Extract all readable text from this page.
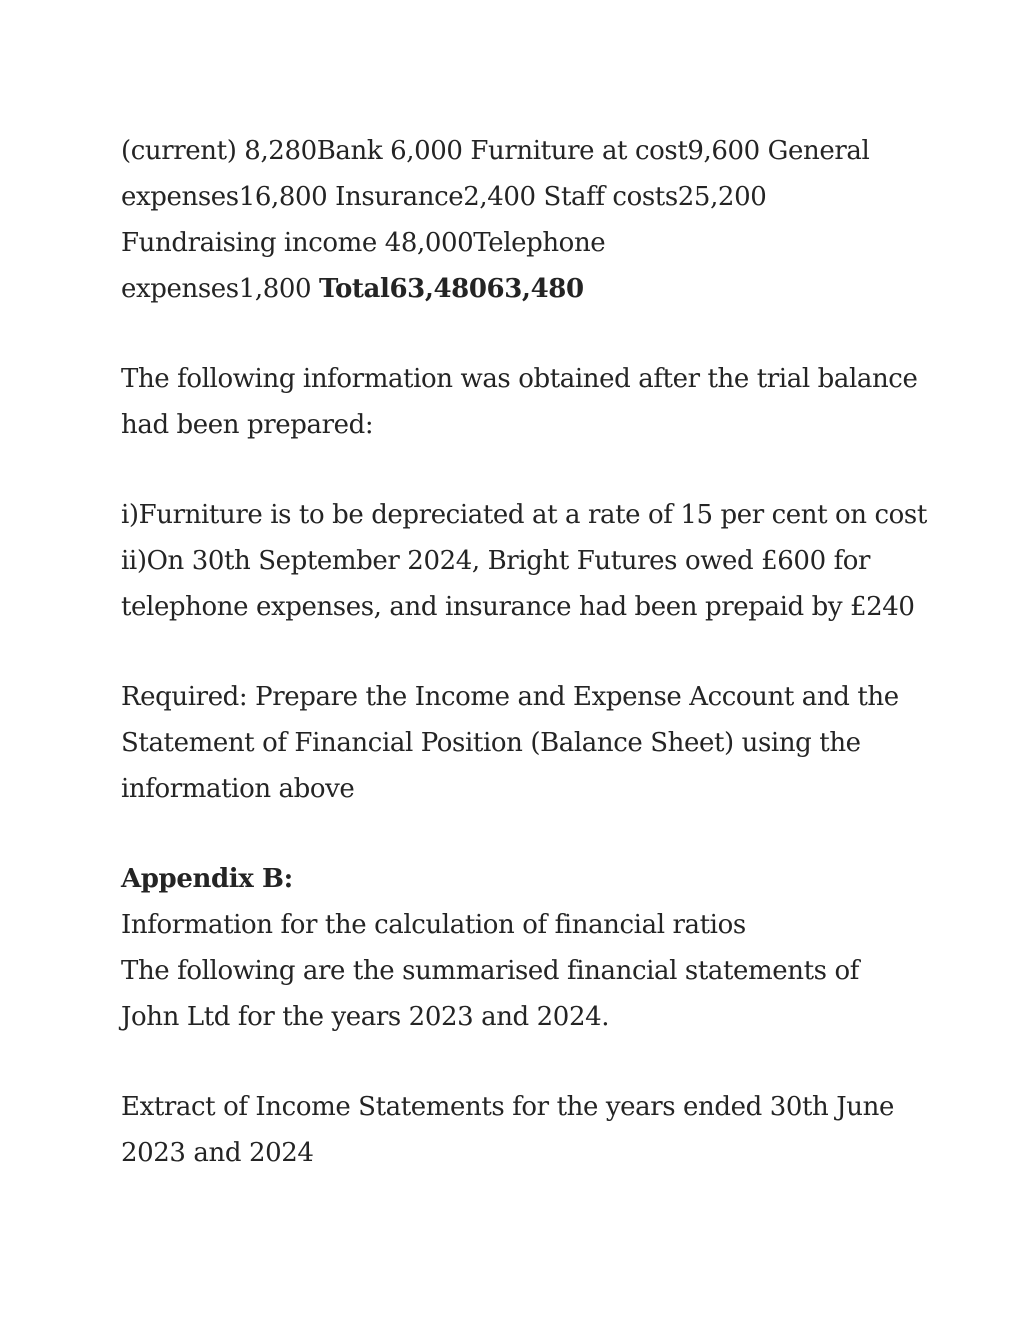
(current) 8,280Bank 6,000 Furniture at cost9,600 General
expenses16,800 Insurance2,400 Staff costs25,200
Fundraising income 48,000Telephone
expenses1,800 Total63,48063,480

The following information was obtained after the trial balance
had been prepared:

i)Furniture is to be depreciated at a rate of 15 per cent on cost
ii)On 30th September 2024, Bright Futures owed £600 for
telephone expenses, and insurance had been prepaid by £240

Required: Prepare the Income and Expense Account and the
Statement of Financial Position (Balance Sheet) using the
information above

Appendix B:
Information for the calculation of financial ratios
The following are the summarised financial statements of
John Ltd for the years 2023 and 2024.

Extract of Income Statements for the years ended 30th June
2023 and 2024
